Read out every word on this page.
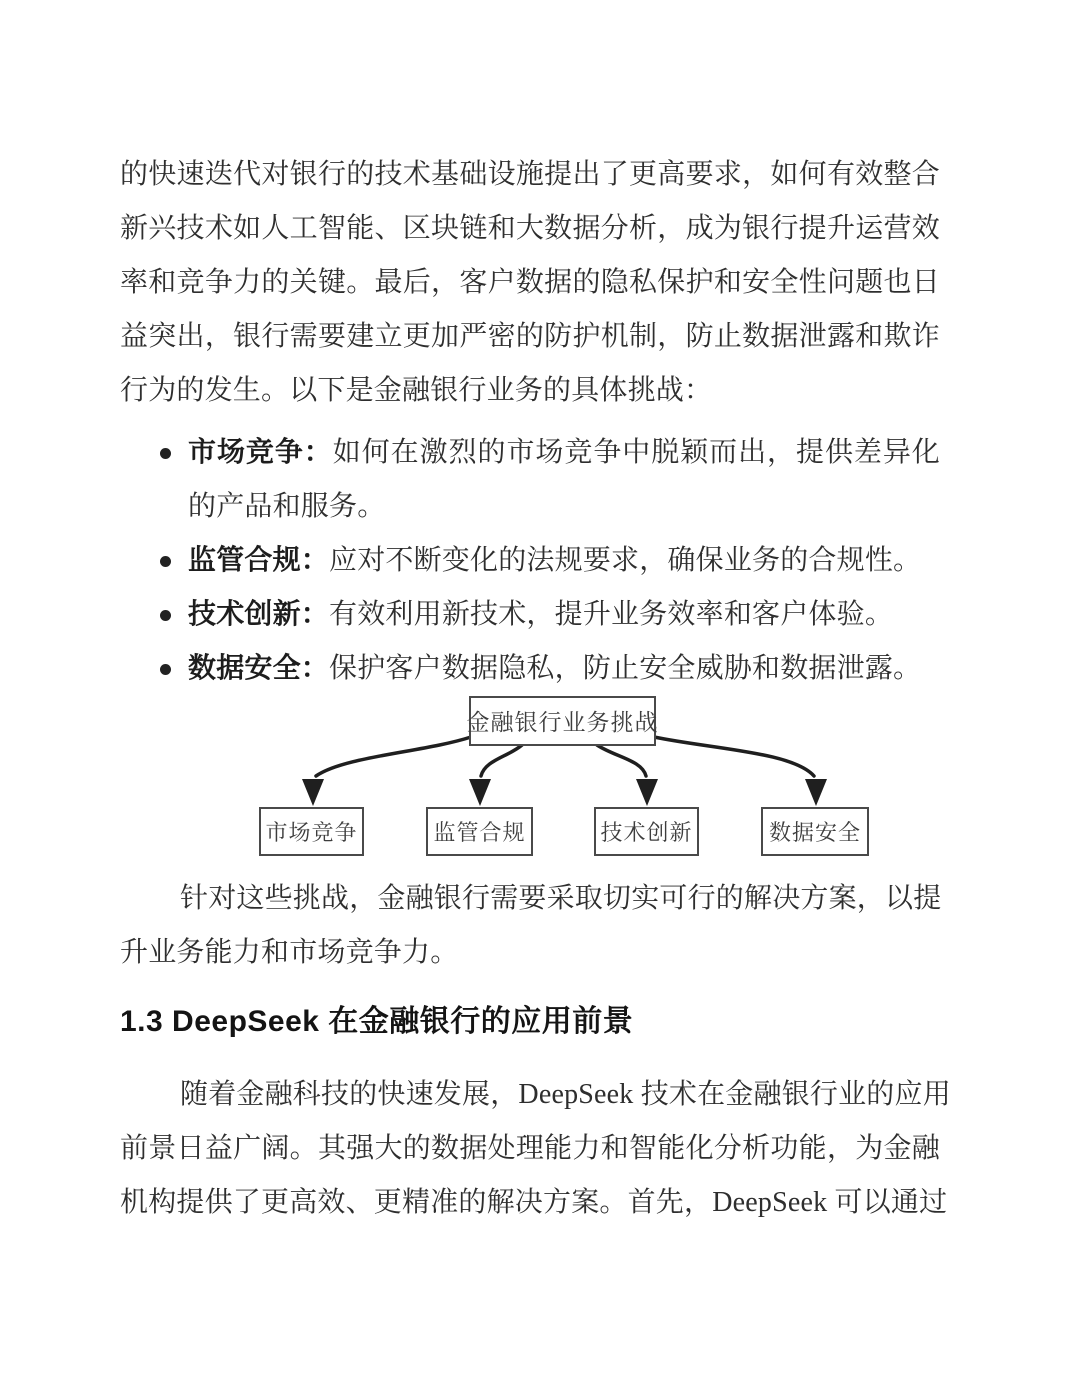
的快速迭代对银行的技术基础设施提出了更高要求，如何有效整合
新兴技术如人工智能、区块链和大数据分析，成为银行提升运营效
率和竞争力的关键。最后，客户数据的隐私保护和安全性问题也日
益突出，银行需要建立更加严密的防护机制，防止数据泄露和欺诈
行为的发生。以下是金融银行业务的具体挑战：
市场竞争：如何在激烈的市场竞争中脱颖而出，提供差异化
的产品和服务。
监管合规：应对不断变化的法规要求，确保业务的合规性。
技术创新：有效利用新技术，提升业务效率和客户体验。
数据安全：保护客户数据隐私，防止安全威胁和数据泄露。
金融银行业务挑战
市场竞争	监管合规	技术创新	数据安全
针对这些挑战，金融银行需要采取切实可行的解决方案，以提
升业务能力和市场竞争力。
1.3 DeepSeek 在金融银行的应用前景
随着金融科技的快速发展，DeepSeek 技术在金融银行业的应用
前景日益广阔。其强大的数据处理能力和智能化分析功能，为金融
机构提供了更高效、更精准的解决方案。首先，DeepSeek 可以通过
